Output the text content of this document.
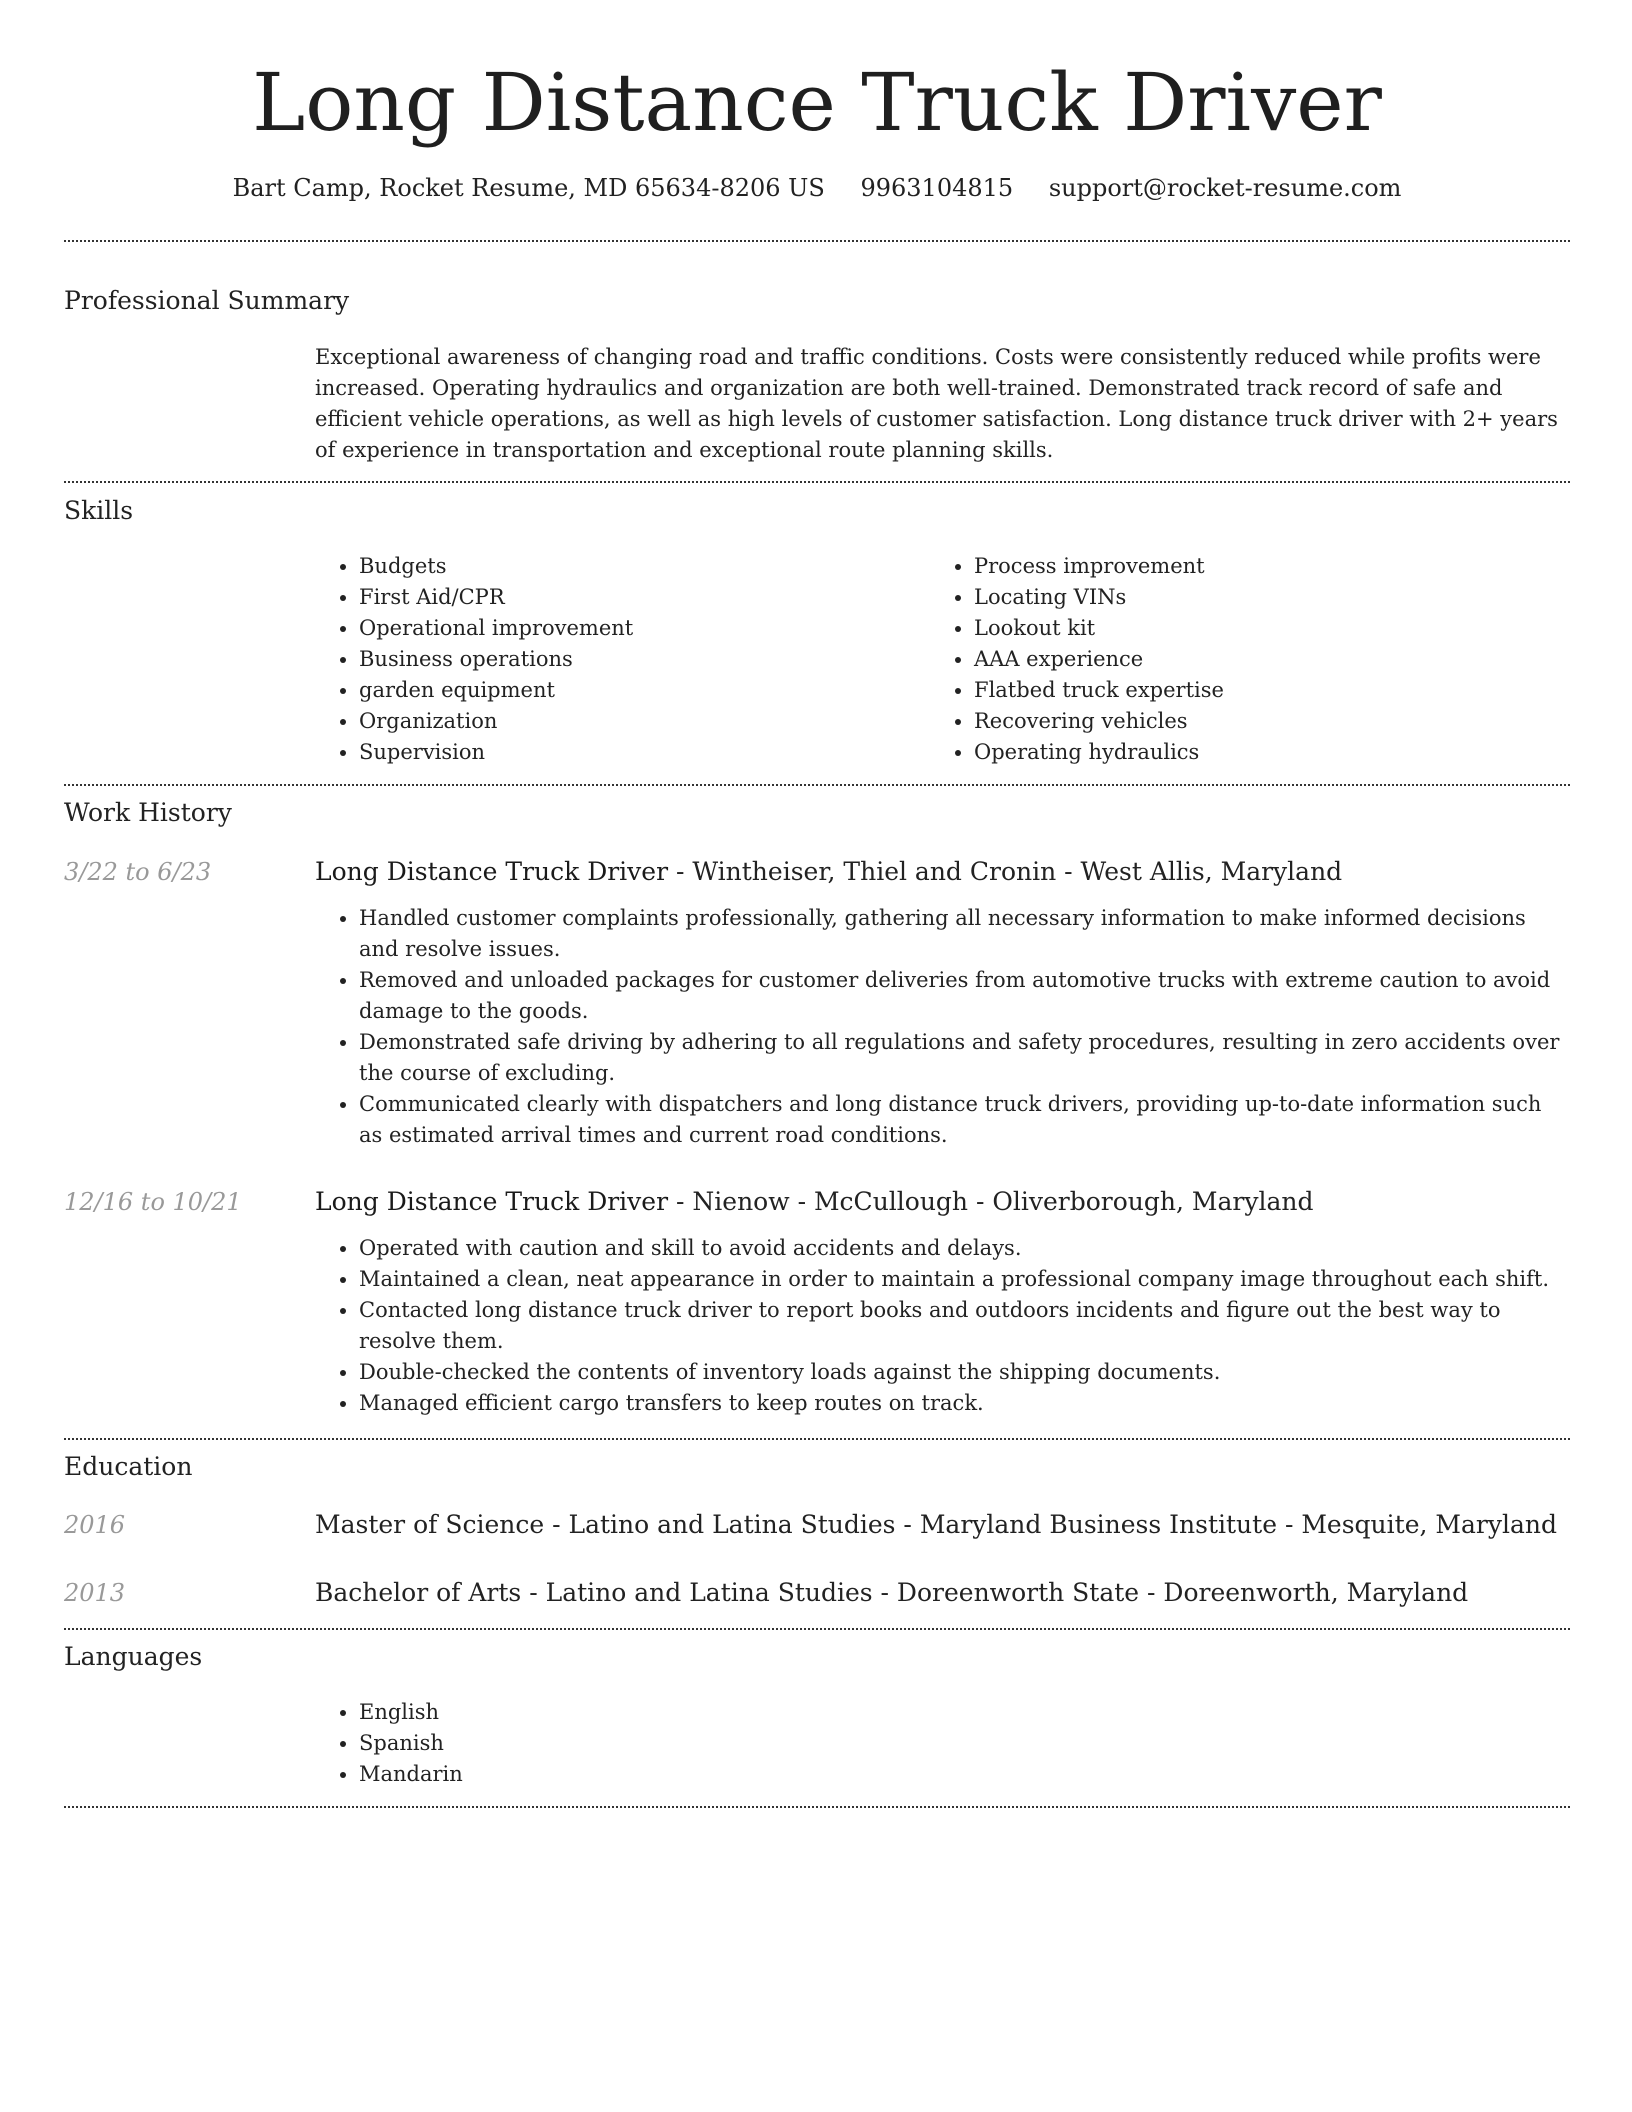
Long Distance Truck Driver
Bart Camp, Rocket Resume, MD 65634-8206 US 9963104815 support@rocket-resume.com
Professional Summary

Exceptional awareness of changing road and traffic conditions. Costs were consistently reduced while profits were increased. Operating hydraulics and organization are both well-trained. Demonstrated track record of safe and efficient vehicle operations, as well as high levels of customer satisfaction. Long distance truck driver with 2+ years of experience in transportation and exceptional route planning skills.

Skills
• Budgets
• First Aid/CPR
• Operational improvement
• Business operations
• garden equipment
• Organization
• Supervision
• Process improvement
• Locating VINs
• Lookout kit
• AAA experience
• Flatbed truck expertise
• Recovering vehicles
• Operating hydraulics
Work History
3/22 to 6/23	Long Distance Truck Driver - Wintheiser, Thiel and Cronin - West Allis, Maryland
• Handled customer complaints professionally, gathering all necessary information to make informed decisions and resolve issues.
• Removed and unloaded packages for customer deliveries from automotive trucks with extreme caution to avoid damage to the goods.
• Demonstrated safe driving by adhering to all regulations and safety procedures, resulting in zero accidents over the course of excluding.
• Communicated clearly with dispatchers and long distance truck drivers, providing up-to-date information such as estimated arrival times and current road conditions.
12/16 to 10/21	Long Distance Truck Driver - Nienow - McCullough - Oliverborough, Maryland
• Operated with caution and skill to avoid accidents and delays.
• Maintained a clean, neat appearance in order to maintain a professional company image throughout each shift.
• Contacted long distance truck driver to report books and outdoors incidents and figure out the best way to resolve them.
• Double-checked the contents of inventory loads against the shipping documents.
• Managed efficient cargo transfers to keep routes on track.
Education
2016	Master of Science - Latino and Latina Studies - Maryland Business Institute - Mesquite, Maryland
2013	Bachelor of Arts - Latino and Latina Studies - Doreenworth State - Doreenworth, Maryland
Languages
• English
• Spanish
• Mandarin
